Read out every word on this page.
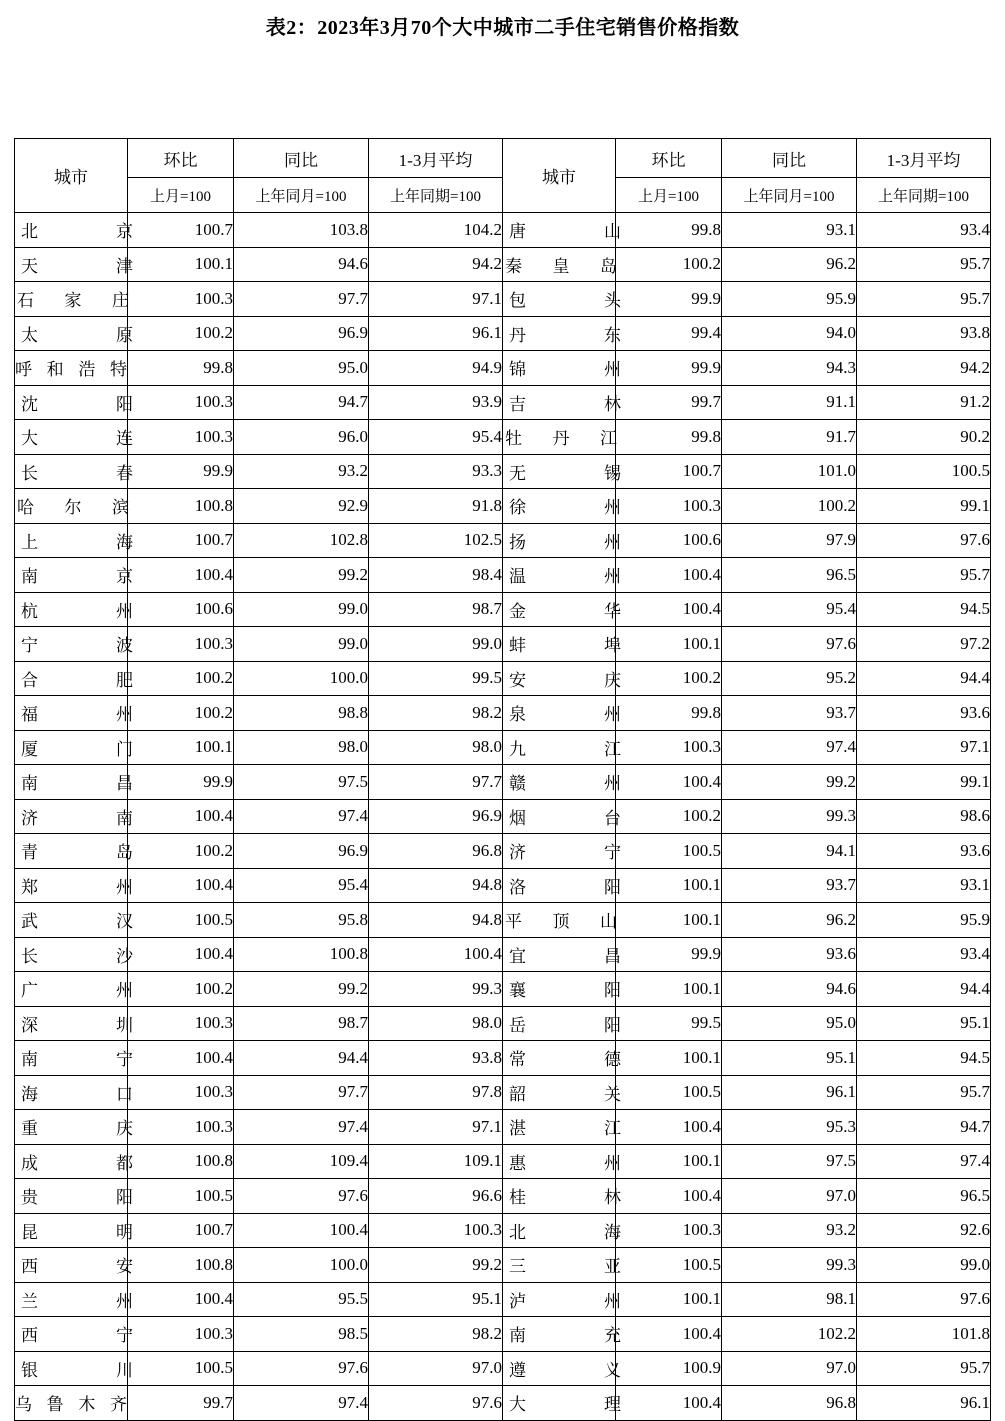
表2：2023年3月70个大中城市二手住宅销售价格指数
城市	环比	同比	1-3月平均	城市	环比	同比	1-3月平均
	上月=100	上年同月=100	上年同期=100		上月=100	上年同月=100	上年同期=100

北 京	100.7	103.8	104.2	唐 山	99.8	93.1	93.4

天 津	100.1	94.6	94.2	秦 皇 岛	100.2	96.2	95.7

石 家 庄	100.3	97.7	97.1	包 头	99.9	95.9	95.7

太 原	100.2	96.9	96.1	丹 东	99.4	94.0	93.8

呼 和 浩 特	99.8	95.0	94.9	锦 州	99.9	94.3	94.2

沈 阳	100.3	94.7	93.9	吉 林	99.7	91.1	91.2

大 连	100.3	96.0	95.4	牡 丹 江	99.8	91.7	90.2

长 春	99.9	93.2	93.3	无 锡	100.7	101.0	100.5

哈 尔 滨	100.8	92.9	91.8	徐 州	100.3	100.2	99.1

上 海	100.7	102.8	102.5	扬 州	100.6	97.9	97.6

南 京	100.4	99.2	98.4	温 州	100.4	96.5	95.7

杭 州	100.6	99.0	98.7	金 华	100.4	95.4	94.5

宁 波	100.3	99.0	99.0	蚌 埠	100.1	97.6	97.2

合 肥	100.2	100.0	99.5	安 庆	100.2	95.2	94.4

福 州	100.2	98.8	98.2	泉 州	99.8	93.7	93.6

厦 门	100.1	98.0	98.0	九 江	100.3	97.4	97.1

南 昌	99.9	97.5	97.7	赣 州	100.4	99.2	99.1

济 南	100.4	97.4	96.9	烟 台	100.2	99.3	98.6

青 岛	100.2	96.9	96.8	济 宁	100.5	94.1	93.6

郑 州	100.4	95.4	94.8	洛 阳	100.1	93.7	93.1

武 汉	100.5	95.8	94.8	平 顶 山	100.1	96.2	95.9

长 沙	100.4	100.8	100.4	宜 昌	99.9	93.6	93.4

广 州	100.2	99.2	99.3	襄 阳	100.1	94.6	94.4

深 圳	100.3	98.7	98.0	岳 阳	99.5	95.0	95.1

南 宁	100.4	94.4	93.8	常 德	100.1	95.1	94.5

海 口	100.3	97.7	97.8	韶 关	100.5	96.1	95.7

重 庆	100.3	97.4	97.1	湛 江	100.4	95.3	94.7

成 都	100.8	109.4	109.1	惠 州	100.1	97.5	97.4

贵 阳	100.5	97.6	96.6	桂 林	100.4	97.0	96.5

昆 明	100.7	100.4	100.3	北 海	100.3	93.2	92.6

西 安	100.8	100.0	99.2	三 亚	100.5	99.3	99.0

兰 州	100.4	95.5	95.1	泸 州	100.1	98.1	97.6

西 宁	100.3	98.5	98.2	南 充	100.4	102.2	101.8

银 川	100.5	97.6	97.0	遵 义	100.9	97.0	95.7

乌 鲁 木 齐	99.7	97.4	97.6	大 理	100.4	96.8	96.1
